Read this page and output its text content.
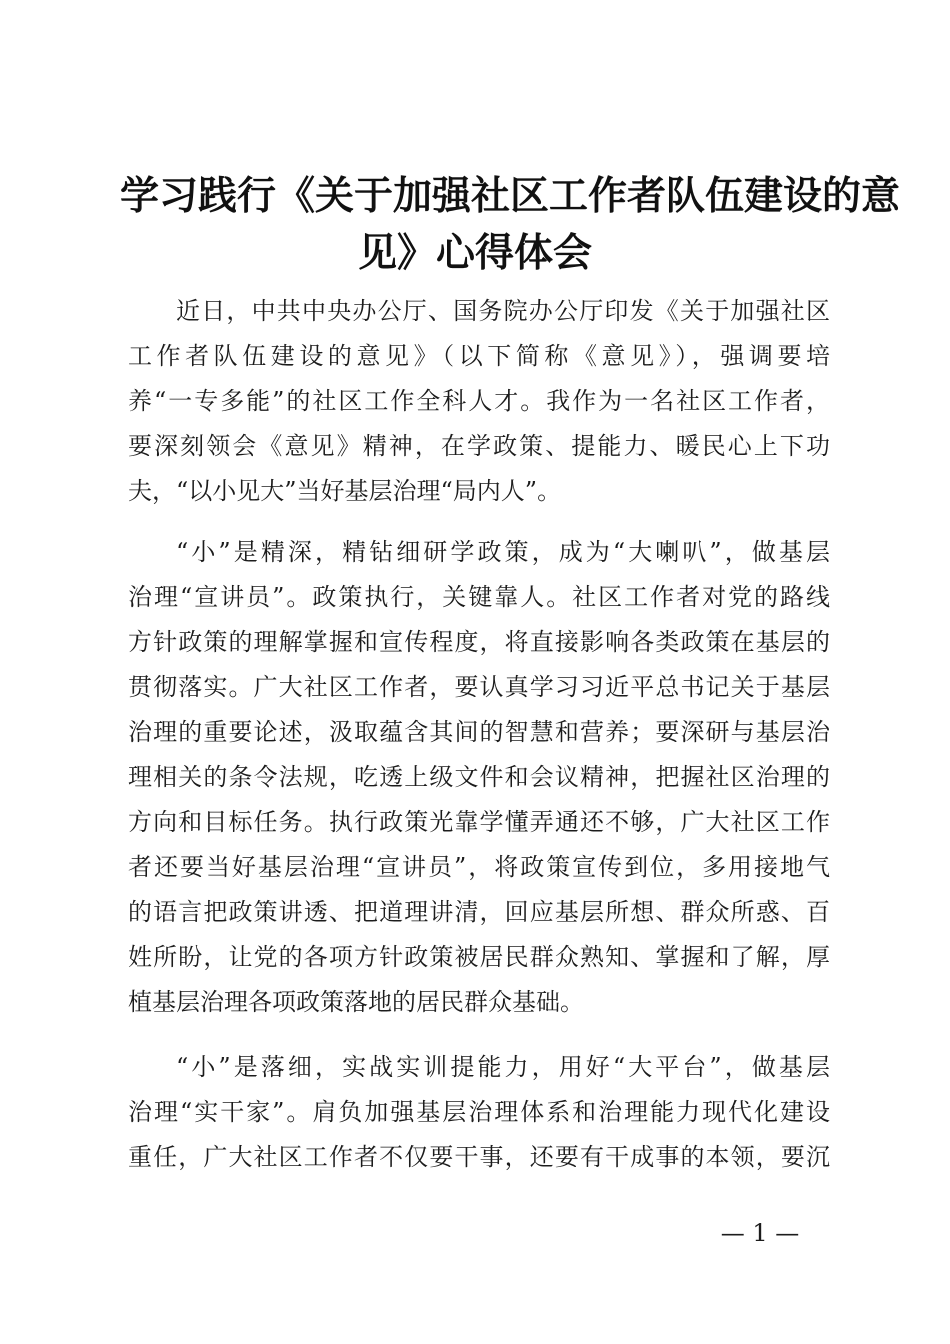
学习践行《关于加强社区工作者队伍建设的意
见》心得体会
近日，中共中央办公厅、国务院办公厅印发《关于加强社区
工作者队伍建设的意见》（以下简称《意见》），强调要培
养“一专多能”的社区工作全科人才。我作为一名社区工作者，
要深刻领会《意见》精神，在学政策、提能力、暖民心上下功
夫，“以小见大”当好基层治理“局内人”。
“小”是精深，精钻细研学政策，成为“大喇叭”，做基层
治理“宣讲员”。政策执行，关键靠人。社区工作者对党的路线
方针政策的理解掌握和宣传程度，将直接影响各类政策在基层的
贯彻落实。广大社区工作者，要认真学习习近平总书记关于基层
治理的重要论述，汲取蕴含其间的智慧和营养；要深研与基层治
理相关的条令法规，吃透上级文件和会议精神，把握社区治理的
方向和目标任务。执行政策光靠学懂弄通还不够，广大社区工作
者还要当好基层治理“宣讲员”，将政策宣传到位，多用接地气
的语言把政策讲透、把道理讲清，回应基层所想、群众所惑、百
姓所盼，让党的各项方针政策被居民群众熟知、掌握和了解，厚
植基层治理各项政策落地的居民群众基础。
“小”是落细，实战实训提能力，用好“大平台”，做基层
治理“实干家”。肩负加强基层治理体系和治理能力现代化建设
重任，广大社区工作者不仅要干事，还要有干成事的本领，要沉
— 1 —
